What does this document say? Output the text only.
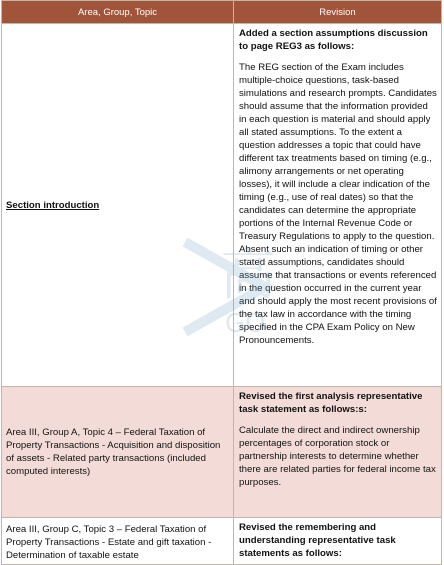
Area, Group, Topic	Revision
Section introduction	Added a section assumptions discussion to page REG3 as follows:

The REG section of the Exam includes multiple-choice questions, task-based simulations and research prompts. Candidates should assume that the information provided in each question is material and should apply all stated assumptions. To the extent a question addresses a topic that could have different tax treatments based on timing (e.g., alimony arrangements or net operating losses), it will include a clear indication of the timing (e.g., use of real dates) so that the candidates can determine the appropriate portions of the Internal Revenue Code or Treasury Regulations to apply to the question. Absent such an indication of timing or other stated assumptions, candidates should assume that transactions or events referenced in the question occurred in the current year and should apply the most recent provisions of the tax law in accordance with the timing specified in the CPA Exam Policy on New Pronouncements.

Area III, Group A, Topic 4 – Federal Taxation of Property Transactions - Acquisition and disposition of assets - Related party transactions (included computed interests)	Revised the first analysis representative task statement as follows:s:

Calculate the direct and indirect ownership percentages of corporation stock or partnership interests to determine whether there are related parties for federal income tax purposes.

Area III, Group C, Topic 3 – Federal Taxation of Property Transactions - Estate and gift taxation - Determination of taxable estate	Revised the remembering and understanding representative task statements as follows:

高
GO
